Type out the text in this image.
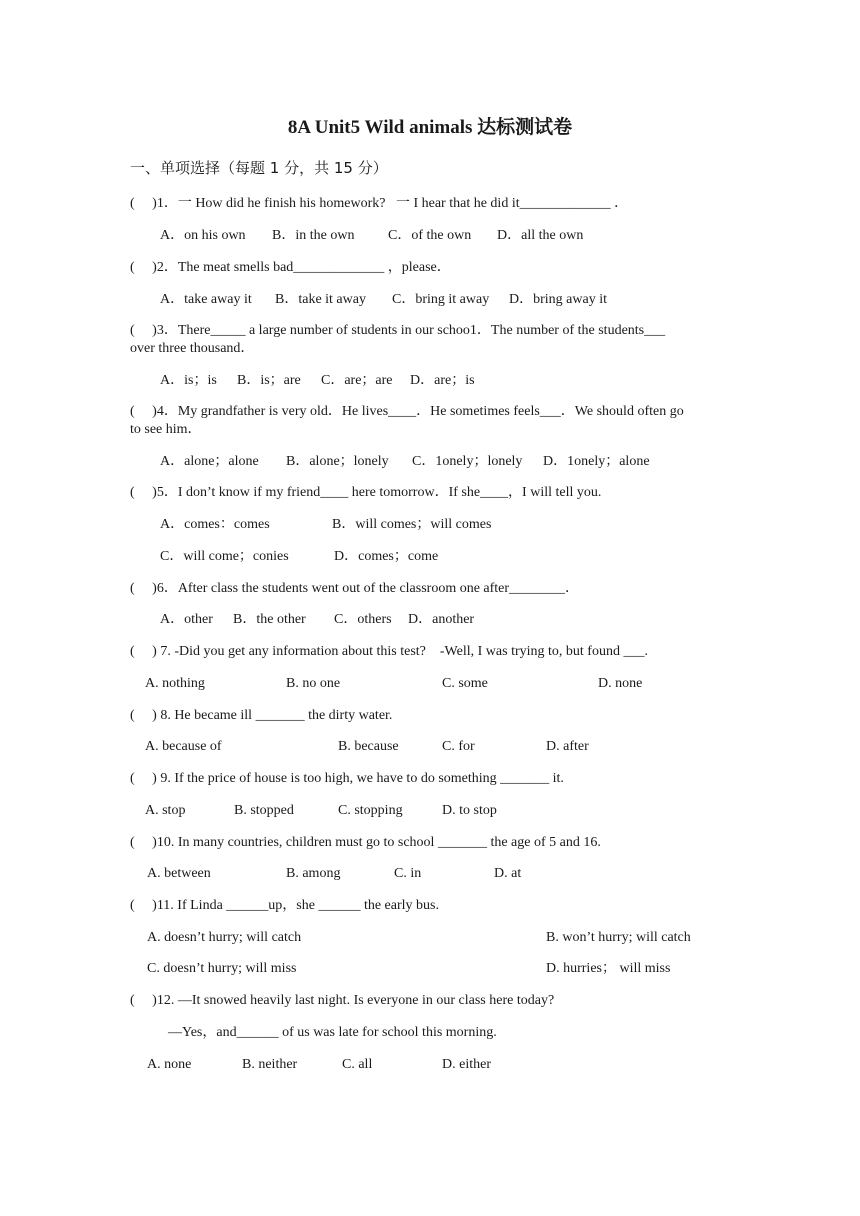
8A Unit5 Wild animals 达标测试卷
一、单项选择（每题 1 分，共 15 分）
(     )1．一 How did he finish his homework?   一 I hear that he did it_____________ ．
A．on his own B．in the own C．of the own D．all the own
(     )2．The meat smells bad_____________ ，please．
A．take away it B．take it away C．bring it away D．bring away it
(     )3．There_____ a large number of students in our schoo1．The number of the students___
over three thousand．
A．is；is B．is；are C．are；are D．are；is
(     )4．My grandfather is very old．He lives____．He sometimes feels___．We should often go
to see him．
A．alone；alone B．alone；lonely C．1onely；lonely D．1onely；alone
(     )5．I don’t know if my friend____ here tomorrow．If she____，I will tell you.
A．comes：comes	B．will comes；will comes
C．will come；conies	D．comes；come
(     )6．After class the students went out of the classroom one after________．
A．other B．the other C．others D．another
(     ) 7. -Did you get any information about this test?    -Well, I was trying to, but found ___.
A. nothing	B. no one	C. some	D. none
(     ) 8. He became ill _______ the dirty water.
A. because of	B. because	C. for	D. after
(     ) 9. If the price of house is too high, we have to do something _______ it.
A. stop	B. stopped	C. stopping	D. to stop
(     )10. In many countries, children must go to school _______ the age of 5 and 16.
A. between	B. among	C. in	D. at
(     )11. If Linda ______up，she ______ the early bus.
A. doesn’t hurry; will catch	B. won’t hurry; will catch
C. doesn’t hurry; will miss	D. hurries； will miss
(     )12. —It snowed heavily last night. Is everyone in our class here today?
—Yes，and______ of us was late for school this morning.
A. none	B. neither	C. all	D. either
